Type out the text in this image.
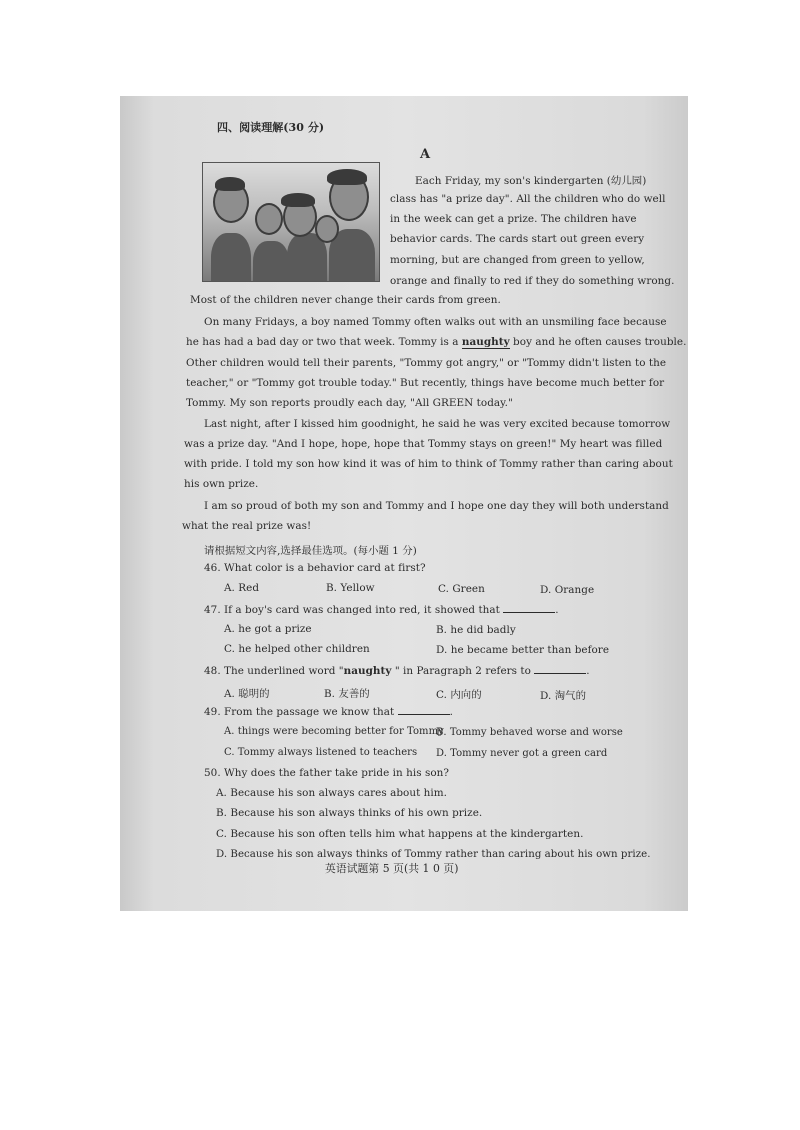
四、阅读理解(30 分)
A
Each Friday, my son's kindergarten (幼儿园)
class has "a prize day". All the children who do well
in the week can get a prize. The children have
behavior cards. The cards start out green every
morning, but are changed from green to yellow,
orange and finally to red if they do something wrong.
Most of the children never change their cards from green.
On many Fridays, a boy named Tommy often walks out with an unsmiling face because
he has had a bad day or two that week. Tommy is a naughty boy and he often causes trouble.
Other children would tell their parents, "Tommy got angry," or "Tommy didn't listen to the
teacher," or "Tommy got trouble today." But recently, things have become much better for
Tommy. My son reports proudly each day, "All GREEN today."
Last night, after I kissed him goodnight, he said he was very excited because tomorrow
was a prize day. "And I hope, hope, hope that Tommy stays on green!" My heart was filled
with pride. I told my son how kind it was of him to think of Tommy rather than caring about
his own prize.
I am so proud of both my son and Tommy and I hope one day they will both understand
what the real prize was!
请根据短文内容,选择最佳选项。(每小题 1 分)
46. What color is a behavior card at first?
A. Red	B. Yellow	C. Green	D. Orange
47. If a boy's card was changed into red, it showed that	.
A. he got a prize	B. he did badly
C. he helped other children	D. he became better than before
48. The underlined word "naughty " in Paragraph 2 refers to	.
A. 聪明的	B. 友善的	C. 内向的	D. 淘气的
49. From the passage we know that	.
A. things were becoming better for Tommy
B. Tommy behaved worse and worse
C. Tommy always listened to teachers D. Tommy never got a green card
50. Why does the father take pride in his son?
A. Because his son always cares about him.
B. Because his son always thinks of his own prize.
C. Because his son often tells him what happens at the kindergarten.
D. Because his son always thinks of Tommy rather than caring about his own prize.
英语试题第 5 页(共 1 0 页)
